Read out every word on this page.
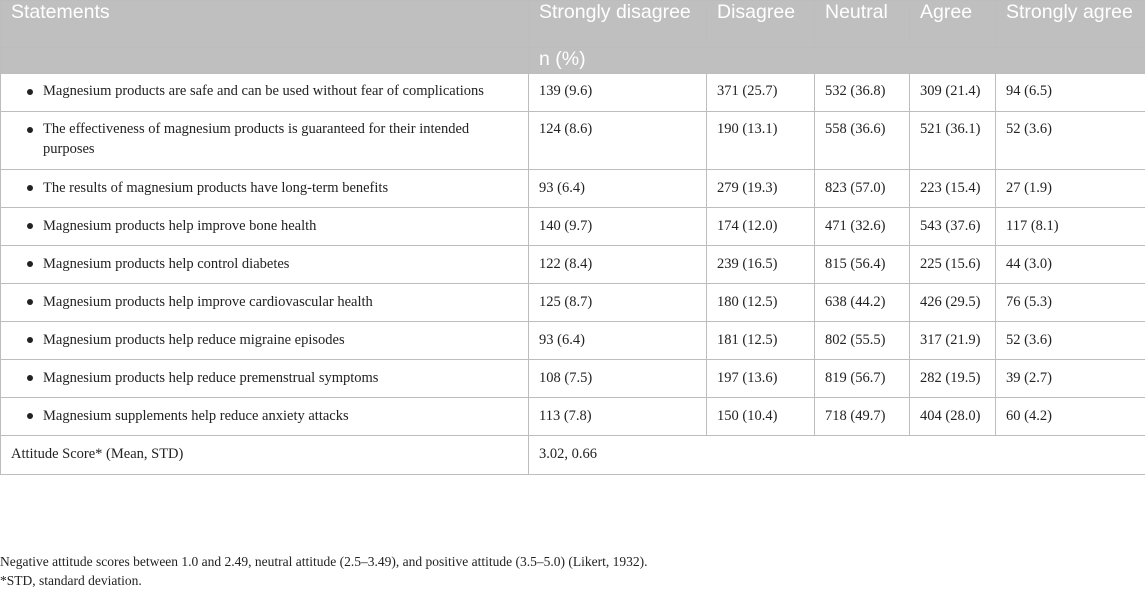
Statements	Strongly disagree	Disagree	Neutral	Agree	Strongly agree
	n (%)				
Magnesium products are safe and can be used without fear of complications	139 (9.6)	371 (25.7)	532 (36.8)	309 (21.4)	94 (6.5)
The effectiveness of magnesium products is guaranteed for their intended purposes	124 (8.6)	190 (13.1)	558 (36.6)	521 (36.1)	52 (3.6)
The results of magnesium products have long-term benefits	93 (6.4)	279 (19.3)	823 (57.0)	223 (15.4)	27 (1.9)
Magnesium products help improve bone health	140 (9.7)	174 (12.0)	471 (32.6)	543 (37.6)	117 (8.1)
Magnesium products help control diabetes	122 (8.4)	239 (16.5)	815 (56.4)	225 (15.6)	44 (3.0)
Magnesium products help improve cardiovascular health	125 (8.7)	180 (12.5)	638 (44.2)	426 (29.5)	76 (5.3)
Magnesium products help reduce migraine episodes	93 (6.4)	181 (12.5)	802 (55.5)	317 (21.9)	52 (3.6)
Magnesium products help reduce premenstrual symptoms	108 (7.5)	197 (13.6)	819 (56.7)	282 (19.5)	39 (2.7)
Magnesium supplements help reduce anxiety attacks	113 (7.8)	150 (10.4)	718 (49.7)	404 (28.0)	60 (4.2)
Attitude Score* (Mean, STD)	3.02, 0.66				

Negative attitude scores between 1.0 and 2.49, neutral attitude (2.5–3.49), and positive attitude (3.5–5.0) (Likert, 1932).

*STD, standard deviation.
